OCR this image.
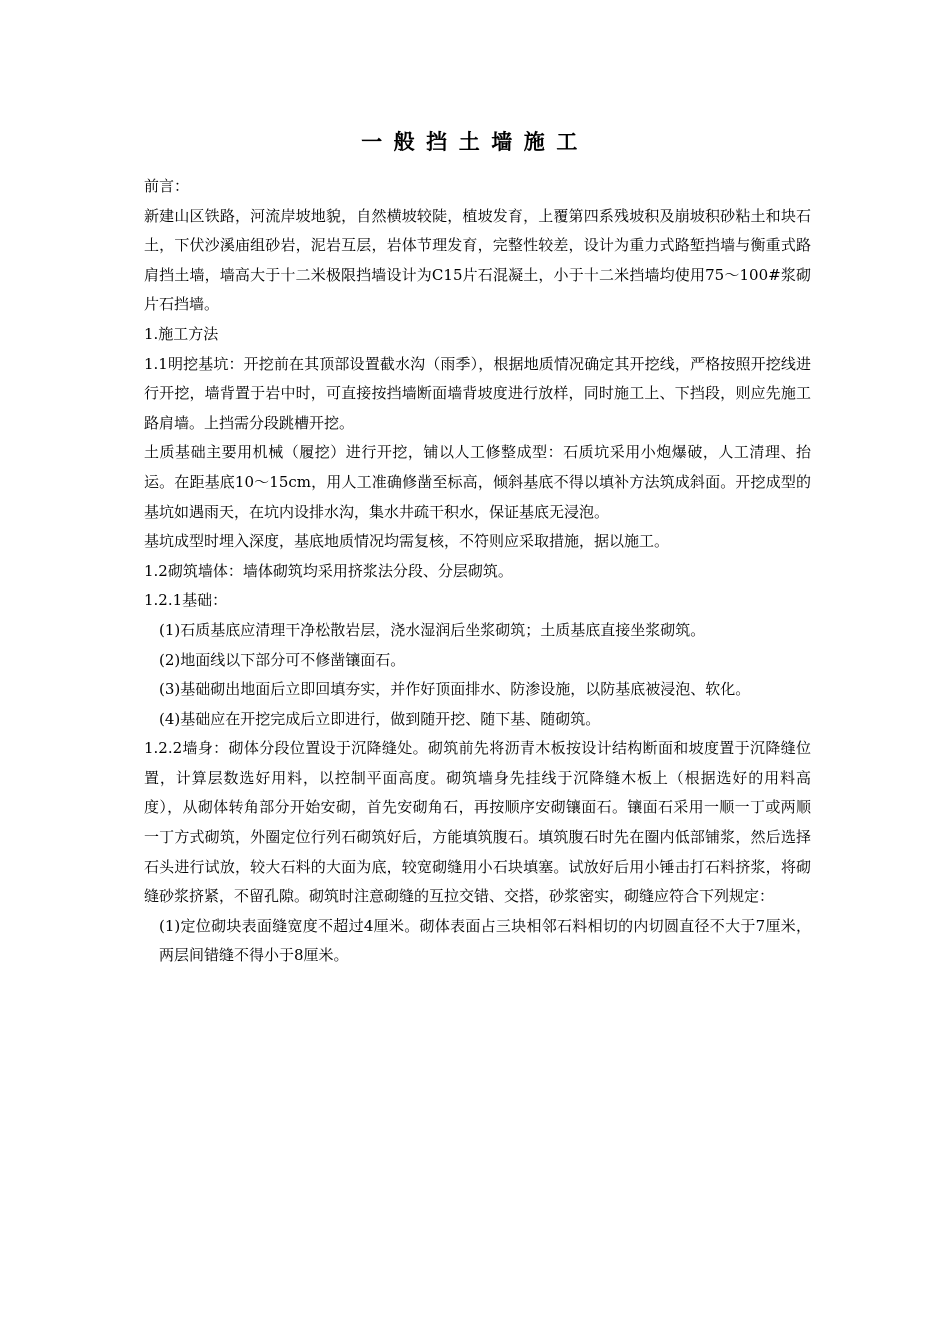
一般挡土墙施工

前言：

新建山区铁路，河流岸坡地貌，自然横坡较陡，植坡发育，上覆第四系残坡积及崩坡积砂粘土和块石土，下伏沙溪庙组砂岩，泥岩互层，岩体节理发育，完整性较差，设计为重力式路堑挡墙与衡重式路肩挡土墙，墙高大于十二米极限挡墙设计为C15片石混凝土，小于十二米挡墙均使用75～100#浆砌片石挡墙。

1.施工方法

1.1明挖基坑：开挖前在其顶部设置截水沟（雨季），根据地质情况确定其开挖线，严格按照开挖线进行开挖，墙背置于岩中时，可直接按挡墙断面墙背坡度进行放样，同时施工上、下挡段，则应先施工路肩墙。上挡需分段跳槽开挖。

土质基础主要用机械（履挖）进行开挖，铺以人工修整成型：石质坑采用小炮爆破，人工清理、抬运。在距基底10～15cm，用人工准确修凿至标高，倾斜基底不得以填补方法筑成斜面。开挖成型的基坑如遇雨天，在坑内设排水沟，集水井疏干积水，保证基底无浸泡。

基坑成型时埋入深度，基底地质情况均需复核，不符则应采取措施，据以施工。

1.2砌筑墙体：墙体砌筑均采用挤浆法分段、分层砌筑。

1.2.1基础：

(1)石质基底应清理干净松散岩层，浇水湿润后坐浆砌筑；土质基底直接坐浆砌筑。

(2)地面线以下部分可不修凿镶面石。

(3)基础砌出地面后立即回填夯实，并作好顶面排水、防渗设施，以防基底被浸泡、软化。

(4)基础应在开挖完成后立即进行，做到随开挖、随下基、随砌筑。

1.2.2墙身：砌体分段位置设于沉降缝处。砌筑前先将沥青木板按设计结构断面和坡度置于沉降缝位置，计算层数选好用料，以控制平面高度。砌筑墙身先挂线于沉降缝木板上（根据选好的用料高度），从砌体转角部分开始安砌，首先安砌角石，再按顺序安砌镶面石。镶面石采用一顺一丁或两顺一丁方式砌筑，外圈定位行列石砌筑好后，方能填筑腹石。填筑腹石时先在圈内低部铺浆，然后选择石头进行试放，较大石料的大面为底，较宽砌缝用小石块填塞。试放好后用小锤击打石料挤浆，将砌缝砂浆挤紧，不留孔隙。砌筑时注意砌缝的互拉交错、交搭，砂浆密实，砌缝应符合下列规定：

(1)定位砌块表面缝宽度不超过4厘米。砌体表面占三块相邻石料相切的内切圆直径不大于7厘米，两层间错缝不得小于8厘米。
